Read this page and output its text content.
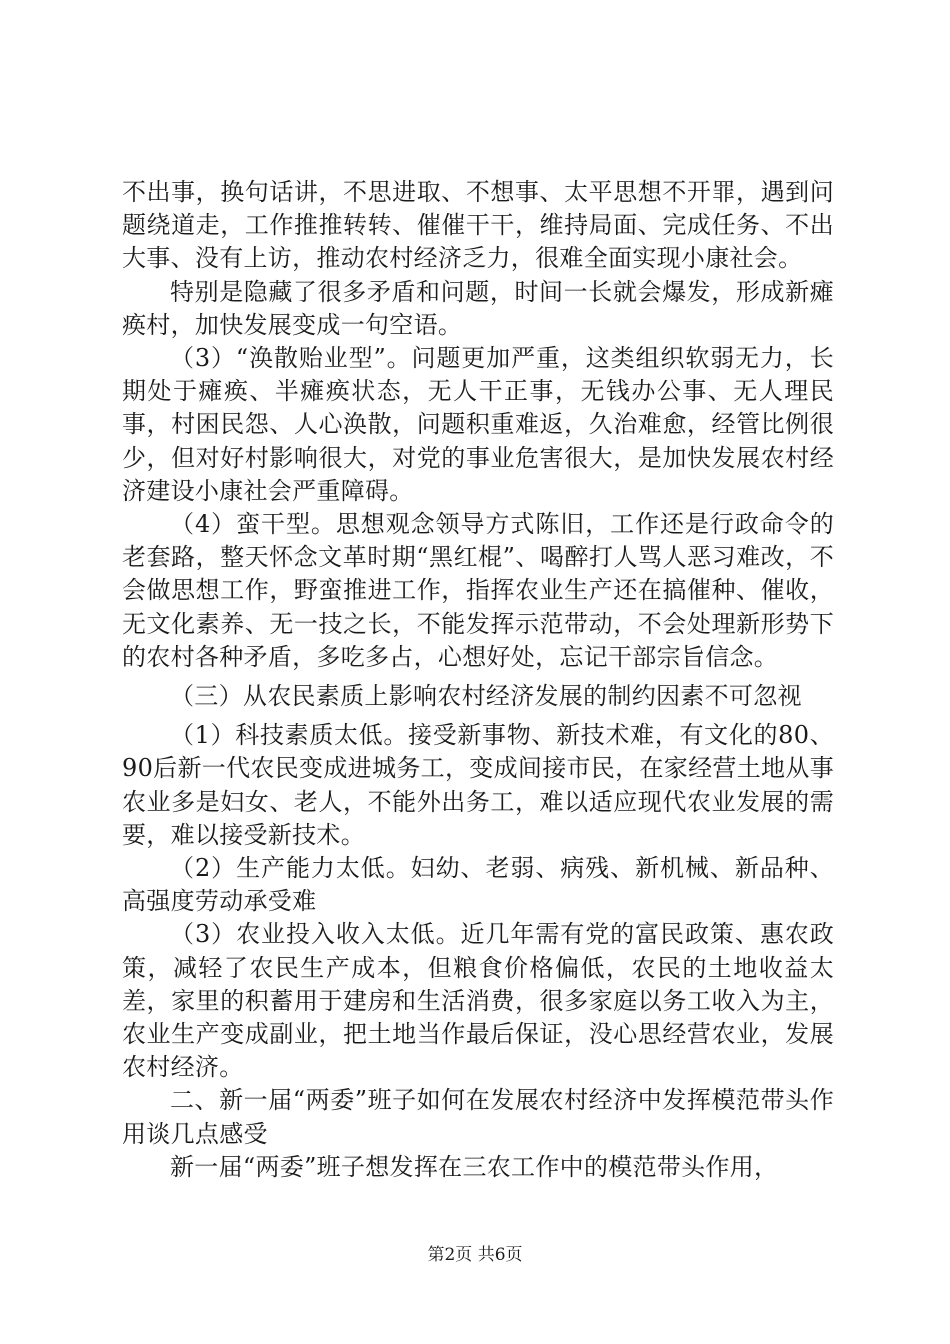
不出事，换句话讲，不思进取、不想事、太平思想不开罪，遇到问题绕道走，工作推推转转、催催干干，维持局面、完成任务、不出大事、没有上访，推动农村经济乏力，很难全面实现小康社会。

特别是隐藏了很多矛盾和问题，时间一长就会爆发，形成新瘫痪村，加快发展变成一句空语。

（3）“涣散贻业型”。问题更加严重，这类组织软弱无力，长期处于瘫痪、半瘫痪状态，无人干正事，无钱办公事、无人理民事，村困民怨、人心涣散，问题积重难返，久治难愈，经管比例很少，但对好村影响很大，对党的事业危害很大，是加快发展农村经济建设小康社会严重障碍。

（4）蛮干型。思想观念领导方式陈旧，工作还是行政命令的老套路，整天怀念文革时期“黑红棍”、喝醉打人骂人恶习难改，不会做思想工作，野蛮推进工作，指挥农业生产还在搞催种、催收，无文化素养、无一技之长，不能发挥示范带动，不会处理新形势下的农村各种矛盾，多吃多占，心想好处，忘记干部宗旨信念。

（三）从农民素质上影响农村经济发展的制约因素不可忽视

（1）科技素质太低。接受新事物、新技术难，有文化的80、90后新一代农民变成进城务工，变成间接市民，在家经营土地从事农业多是妇女、老人，不能外出务工，难以适应现代农业发展的需要，难以接受新技术。

（2）生产能力太低。妇幼、老弱、病残、新机械、新品种、高强度劳动承受难

（3）农业投入收入太低。近几年需有党的富民政策、惠农政策，减轻了农民生产成本，但粮食价格偏低，农民的土地收益太差，家里的积蓄用于建房和生活消费，很多家庭以务工收入为主，农业生产变成副业，把土地当作最后保证，没心思经营农业，发展农村经济。

二、新一届“两委”班子如何在发展农村经济中发挥模范带头作用谈几点感受

新一届“两委”班子想发挥在三农工作中的模范带头作用，

第2页 共6页
